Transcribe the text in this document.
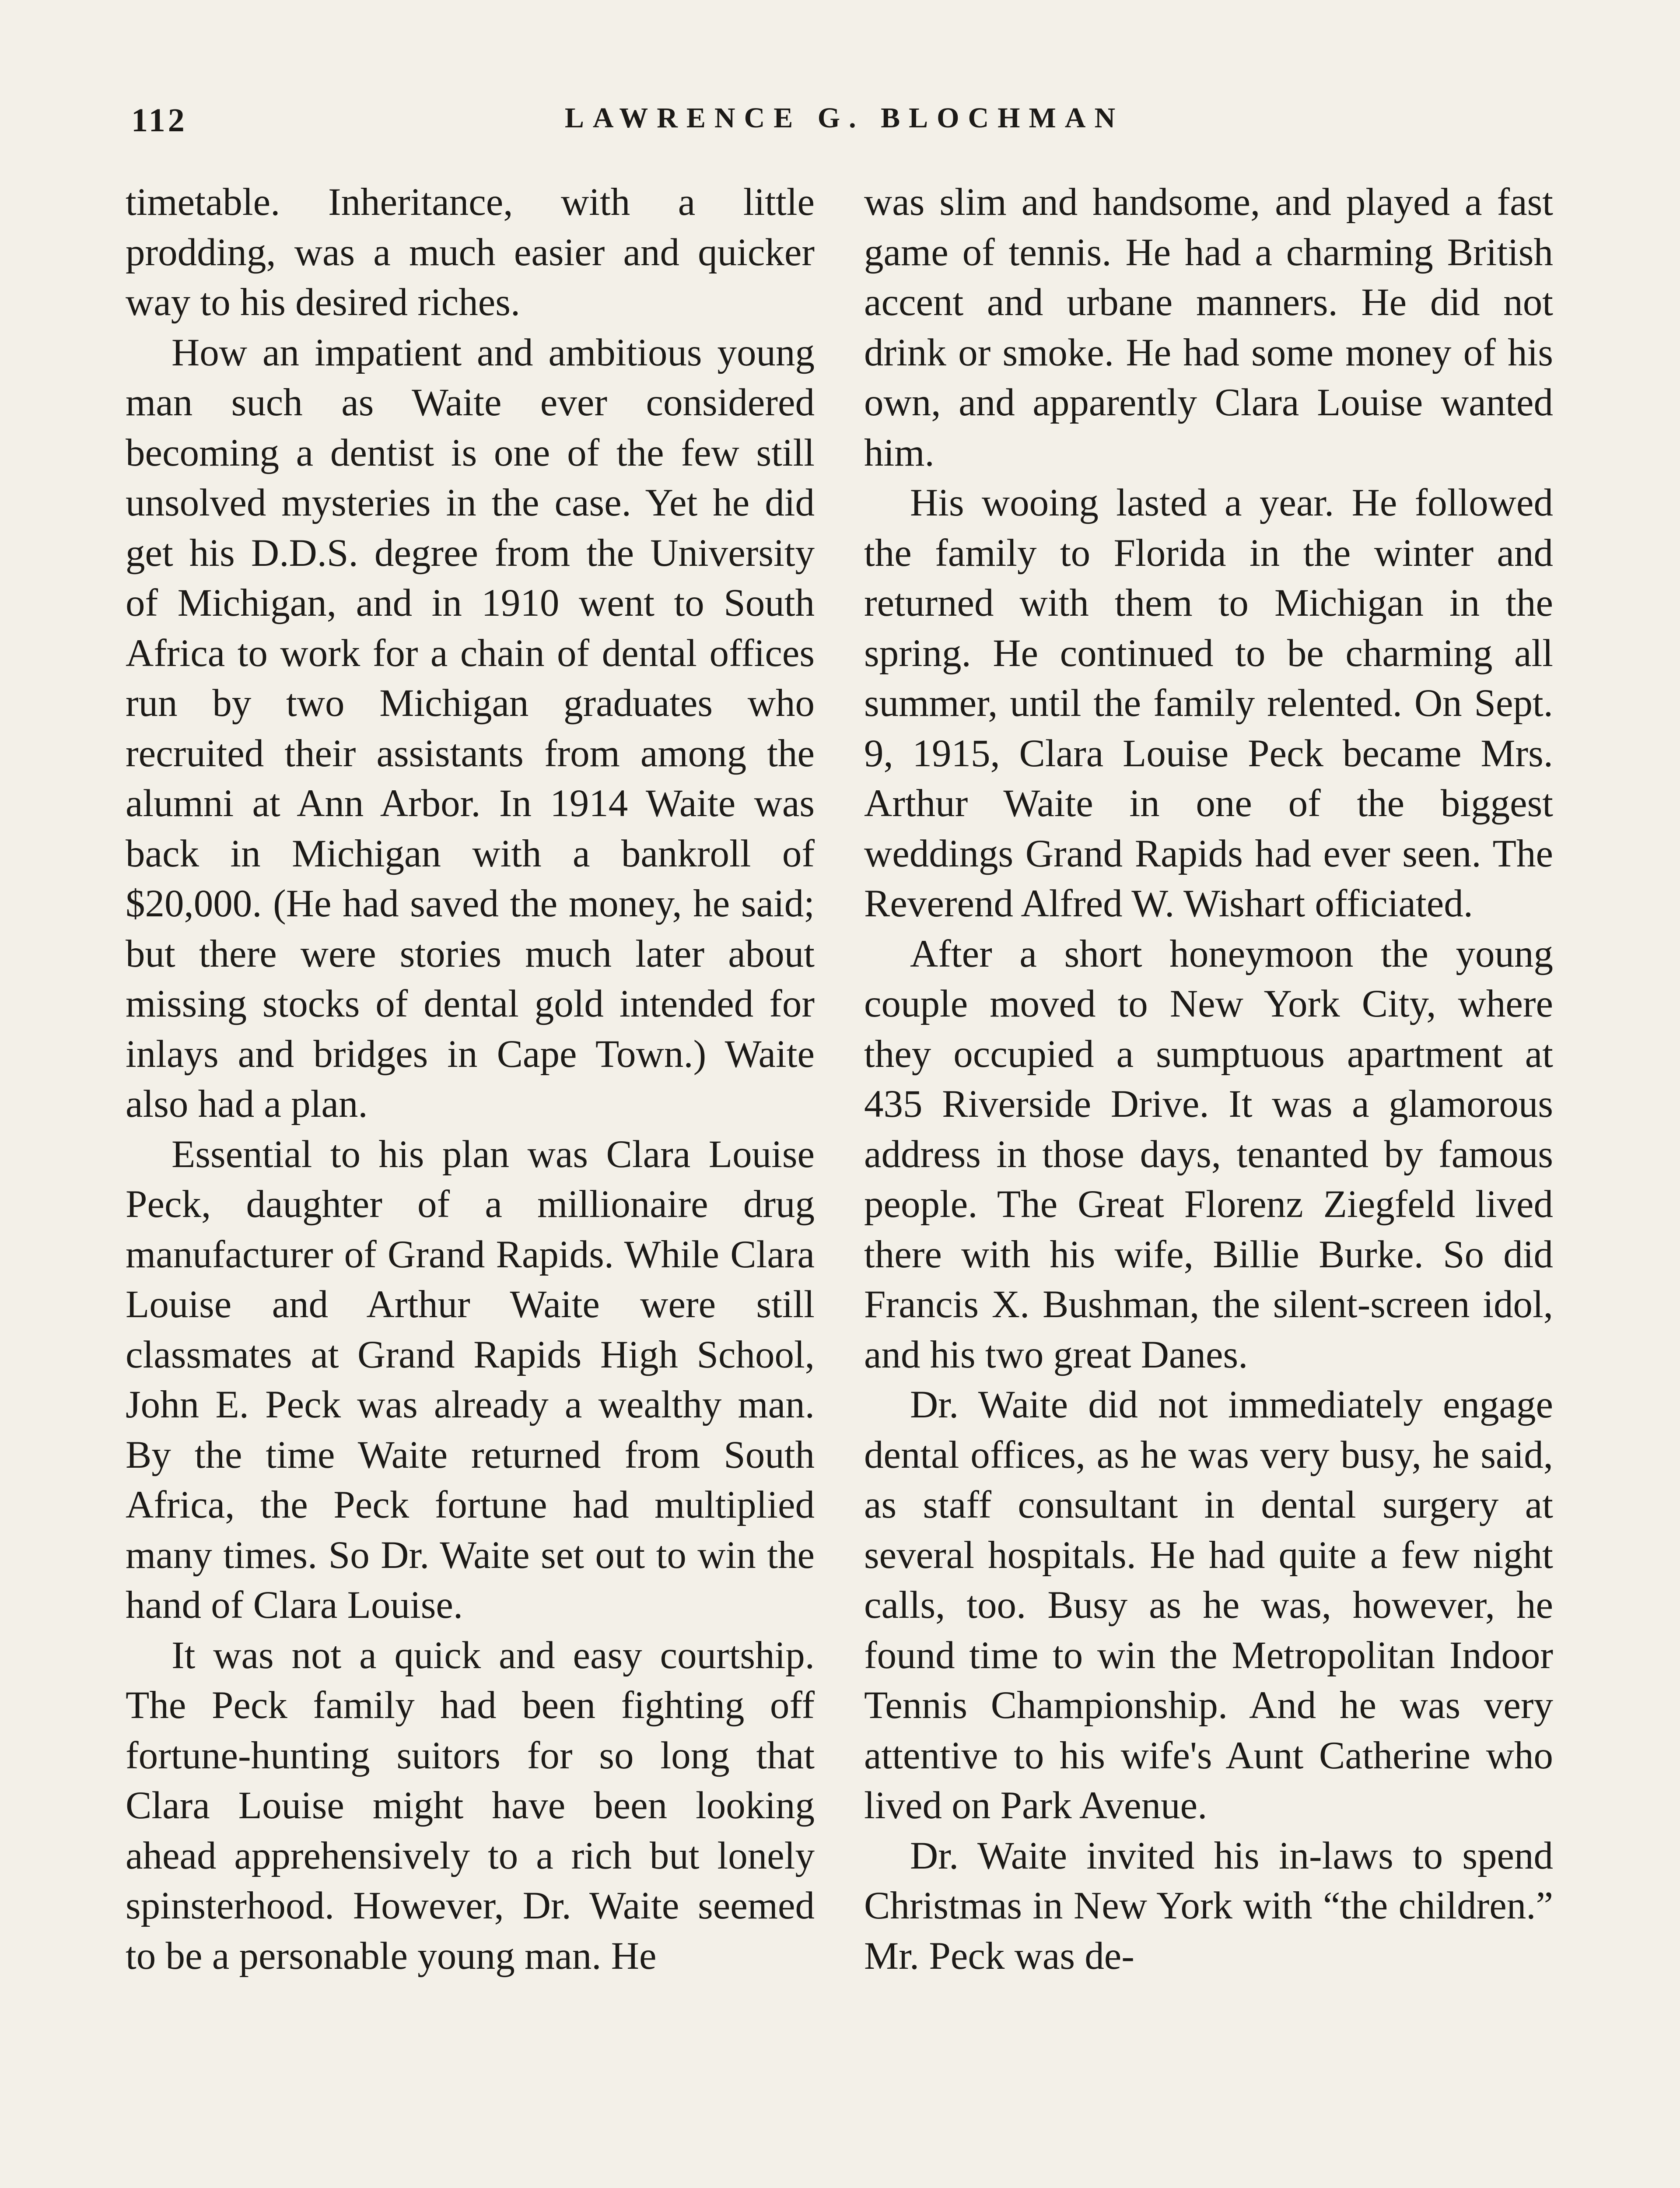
112	LAWRENCE G. BLOCHMAN

timetable. Inheritance, with a little prodding, was a much easier and quicker way to his desired riches.

How an impatient and ambitious young man such as Waite ever considered becoming a dentist is one of the few still unsolved mysteries in the case. Yet he did get his D.D.S. degree from the University of Michigan, and in 1910 went to South Africa to work for a chain of dental offices run by two Michigan graduates who recruited their assistants from among the alumni at Ann Arbor. In 1914 Waite was back in Michigan with a bankroll of $20,000. (He had saved the money, he said; but there were stories much later about missing stocks of dental gold intended for inlays and bridges in Cape Town.) Waite also had a plan.

Essential to his plan was Clara Louise Peck, daughter of a millionaire drug manufacturer of Grand Rapids. While Clara Louise and Arthur Waite were still classmates at Grand Rapids High School, John E. Peck was already a wealthy man. By the time Waite returned from South Africa, the Peck fortune had multiplied many times. So Dr. Waite set out to win the hand of Clara Louise.

It was not a quick and easy courtship. The Peck family had been fighting off fortune-hunting suitors for so long that Clara Louise might have been looking ahead apprehensively to a rich but lonely spinsterhood. However, Dr. Waite seemed to be a personable young man. He

was slim and handsome, and played a fast game of tennis. He had a charming British accent and urbane manners. He did not drink or smoke. He had some money of his own, and apparently Clara Louise wanted him.

His wooing lasted a year. He followed the family to Florida in the winter and returned with them to Michigan in the spring. He continued to be charming all summer, until the family relented. On Sept. 9, 1915, Clara Louise Peck became Mrs. Arthur Waite in one of the biggest weddings Grand Rapids had ever seen. The Reverend Alfred W. Wishart officiated.

After a short honeymoon the young couple moved to New York City, where they occupied a sumptuous apartment at 435 Riverside Drive. It was a glamorous address in those days, tenanted by famous people. The Great Florenz Ziegfeld lived there with his wife, Billie Burke. So did Francis X. Bushman, the silent-screen idol, and his two great Danes.

Dr. Waite did not immediately engage dental offices, as he was very busy, he said, as staff consultant in dental surgery at several hospitals. He had quite a few night calls, too. Busy as he was, however, he found time to win the Metropolitan Indoor Tennis Championship. And he was very attentive to his wife's Aunt Catherine who lived on Park Avenue.

Dr. Waite invited his in-laws to spend Christmas in New York with “the children.” Mr. Peck was de-
